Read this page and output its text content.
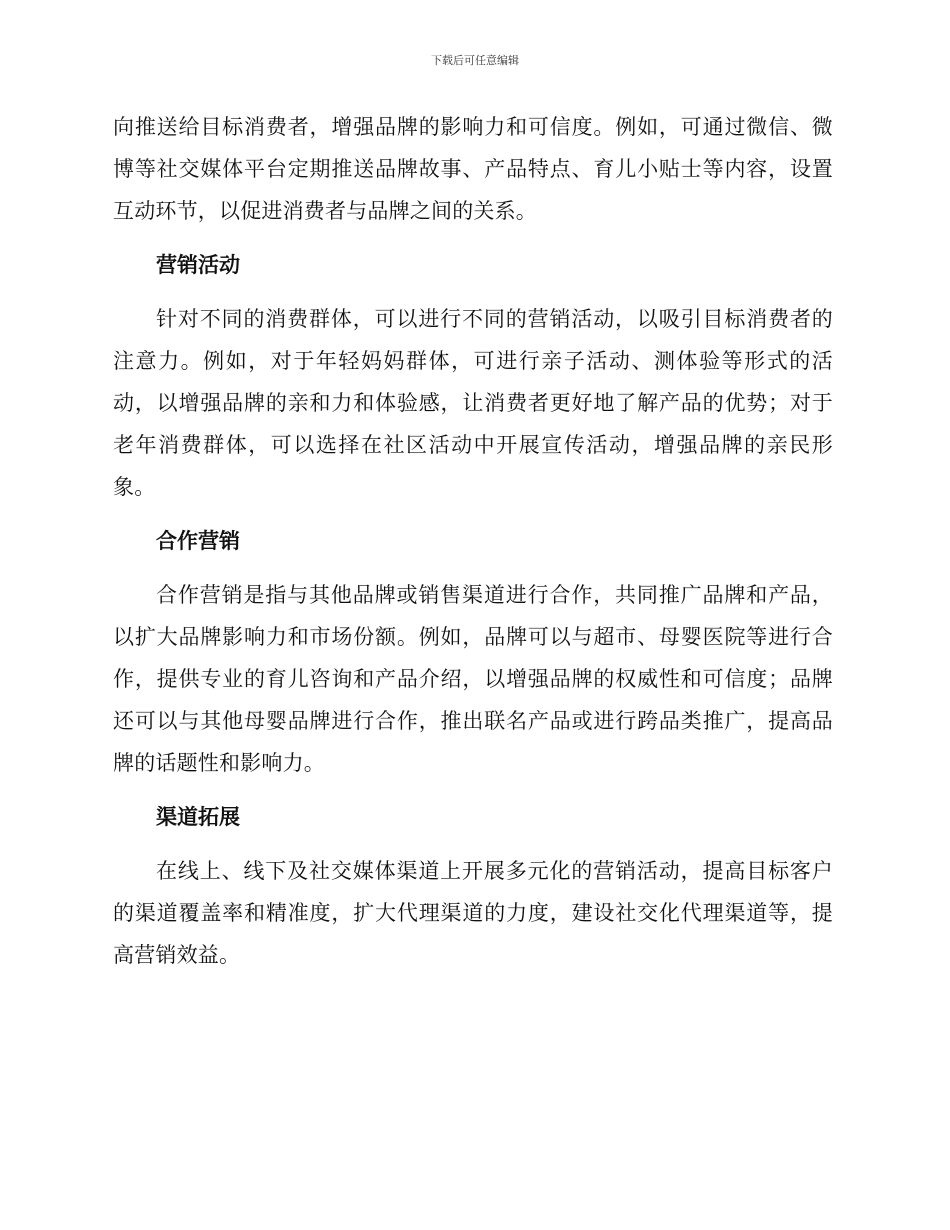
下载后可任意编辑

向推送给目标消费者，增强品牌的影响力和可信度。例如，可通过微信、微博等社交媒体平台定期推送品牌故事、产品特点、育儿小贴士等内容，设置互动环节，以促进消费者与品牌之间的关系。

营销活动

针对不同的消费群体，可以进行不同的营销活动，以吸引目标消费者的注意力。例如，对于年轻妈妈群体，可进行亲子活动、测体验等形式的活动，以增强品牌的亲和力和体验感，让消费者更好地了解产品的优势；对于老年消费群体，可以选择在社区活动中开展宣传活动，增强品牌的亲民形象。

合作营销

合作营销是指与其他品牌或销售渠道进行合作，共同推广品牌和产品，以扩大品牌影响力和市场份额。例如，品牌可以与超市、母婴医院等进行合作，提供专业的育儿咨询和产品介绍，以增强品牌的权威性和可信度；品牌还可以与其他母婴品牌进行合作，推出联名产品或进行跨品类推广，提高品牌的话题性和影响力。

渠道拓展

在线上、线下及社交媒体渠道上开展多元化的营销活动，提高目标客户的渠道覆盖率和精准度，扩大代理渠道的力度，建设社交化代理渠道等，提高营销效益。
